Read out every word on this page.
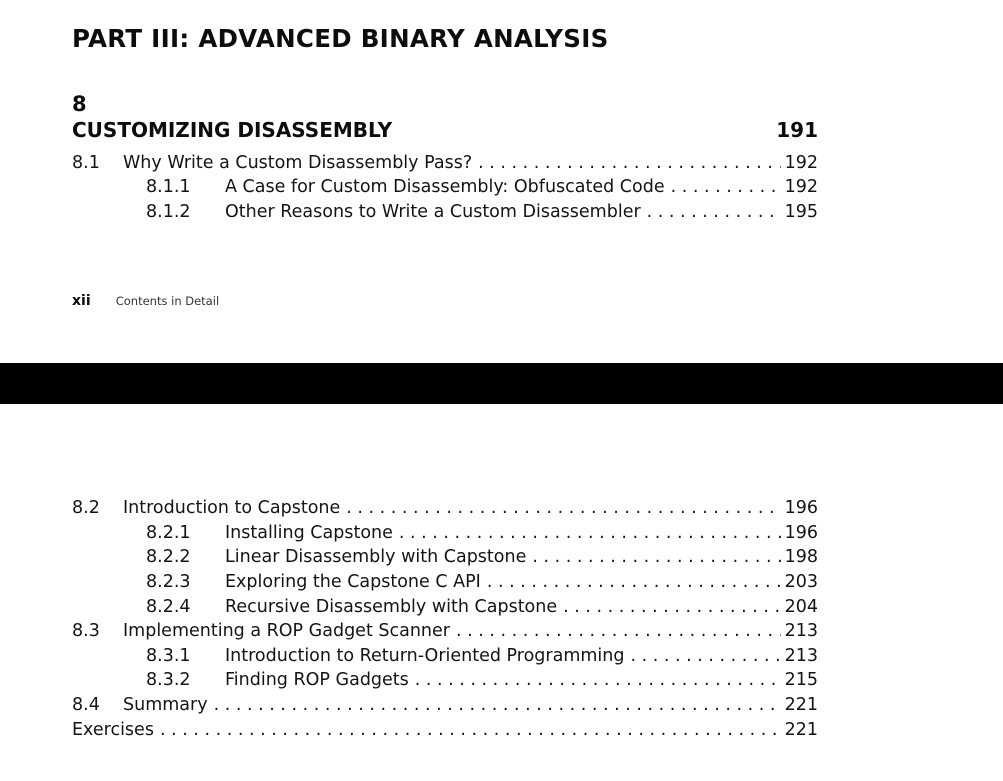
PART III: ADVANCED BINARY ANALYSIS
8
CUSTOMIZING DISASSEMBLY	191
8.1	Why Write a Custom Disassembly Pass? . . .	192
8.1.1	A Case for Custom Disassembly: Obfuscated Code . . .	192
8.1.2	Other Reasons to Write a Custom Disassembler . . .	195
xii Contents in Detail
8.2	Introduction to Capstone . . .	196
8.2.1	Installing Capstone . . .	196
8.2.2	Linear Disassembly with Capstone . . .	198
8.2.3	Exploring the Capstone C API . . .	203
8.2.4	Recursive Disassembly with Capstone . . .	204
8.3	Implementing a ROP Gadget Scanner . . .	213
8.3.1	Introduction to Return-Oriented Programming . . .	213
8.3.2	Finding ROP Gadgets . . .	215
8.4	Summary . . .	221
Exercises . . .	221
